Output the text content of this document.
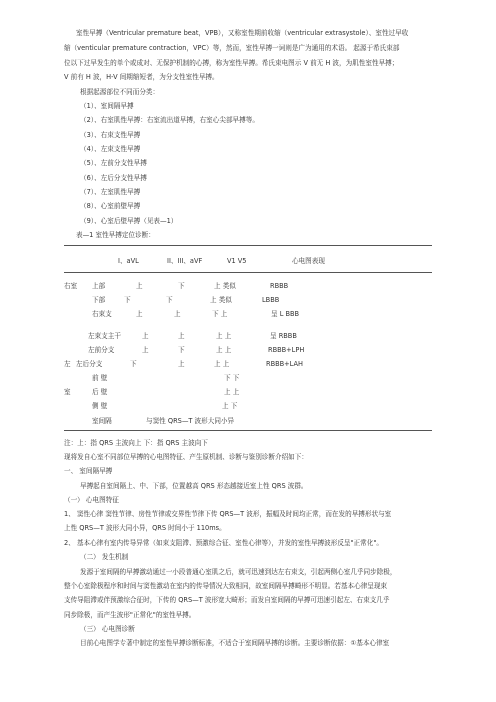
室性早搏（Ventricular premature beat，VPB），又称室性期前收缩（ventricular extrasystole）、室性过早收
缩（venticular premature contraction，VPC）等，然而，室性早搏一词则是广为通用的术语。 起源于希氏束部
位以下过早发生的单个或成对、无保护机制的心搏，称为室性早搏。希氏束电图示 V 前无 H 波，为肌性室性早搏；
V 前有 H 波，H-V 间期缩短者，为分支性室性早搏。
根据起源部位不同而分类：
（1）、室间隔早搏
（2）、右室肌性早搏：右室流出道早搏，右室心尖部早搏等。
（3）、右束支性早搏
（4）、左束支性早搏
（5）、左前分支性早搏
（6）、左后分支性早搏
（7）、左室肌性早搏
（8）、心室前壁早搏
（9）、心室后壁早搏（见表—1）
表—1 室性早搏定位诊断：
I、aVL	II、III、aVF	V1 V5	心电图表现
右室 上部	上	下	上 类似	RBBB
下部	下	下	上 类似	LBBB
右束支	上	上	下 上	呈 L BBB
左束支主干	上	上	上 上	呈 RBBB
左前分支	上	下	上 上	RBBB+LPH
左 左后分支	下	上	上 上	RBBB+LAH
前 壁	下 下
室	后 壁	上 上
侧 壁	上 下
室间隔	与窦性 QRS—T 波形大同小异
注：上：指 QRS 主波向上 下：指 QRS 主波向下
现将发自心室不同部位早搏的心电图特征、产生原机制、诊断与鉴别诊断介绍如下：
一、 室间隔早搏
早搏起自室间隔上、中、下部，位置越高 QRS 形态越接近室上性 QRS 波群。
（一） 心电图特征
1、 窦性心律 窦性节律、房性节律或交界性节律下传 QRS—T 波形，振幅及时间均正常，而在发的早搏形状与室
上性 QRS—T 波形大同小异，QRS 时间小于 110ms。
2、 基本心律有室内传导异常（如束支阻滞、预激综合征、室性心律等），并发的室性早搏波形反呈"正常化"。
（二） 发生机制
发源于室间隔的早搏激动通过一小段普通心室肌之后，就可迅速到达左右束支，引起两侧心室几乎同步除极，
整个心室除极程序和时间与窦性激动在室内的传导情况大致相同，故室间隔早搏畸形不明显。若基本心律呈现束
支传导阻滞或伴预激综合征时，下传的 QRS—T 波形宽大畸形；而发自室间隔的早搏可迅速引起左、右束支几乎
同步除极，而产生波形"正常化"的室性早搏。
（三） 心电图诊断
目前心电图学专著中制定的室性早搏诊断标准，不适合于室间隔早搏的诊断。主要诊断依据：①基本心律室
